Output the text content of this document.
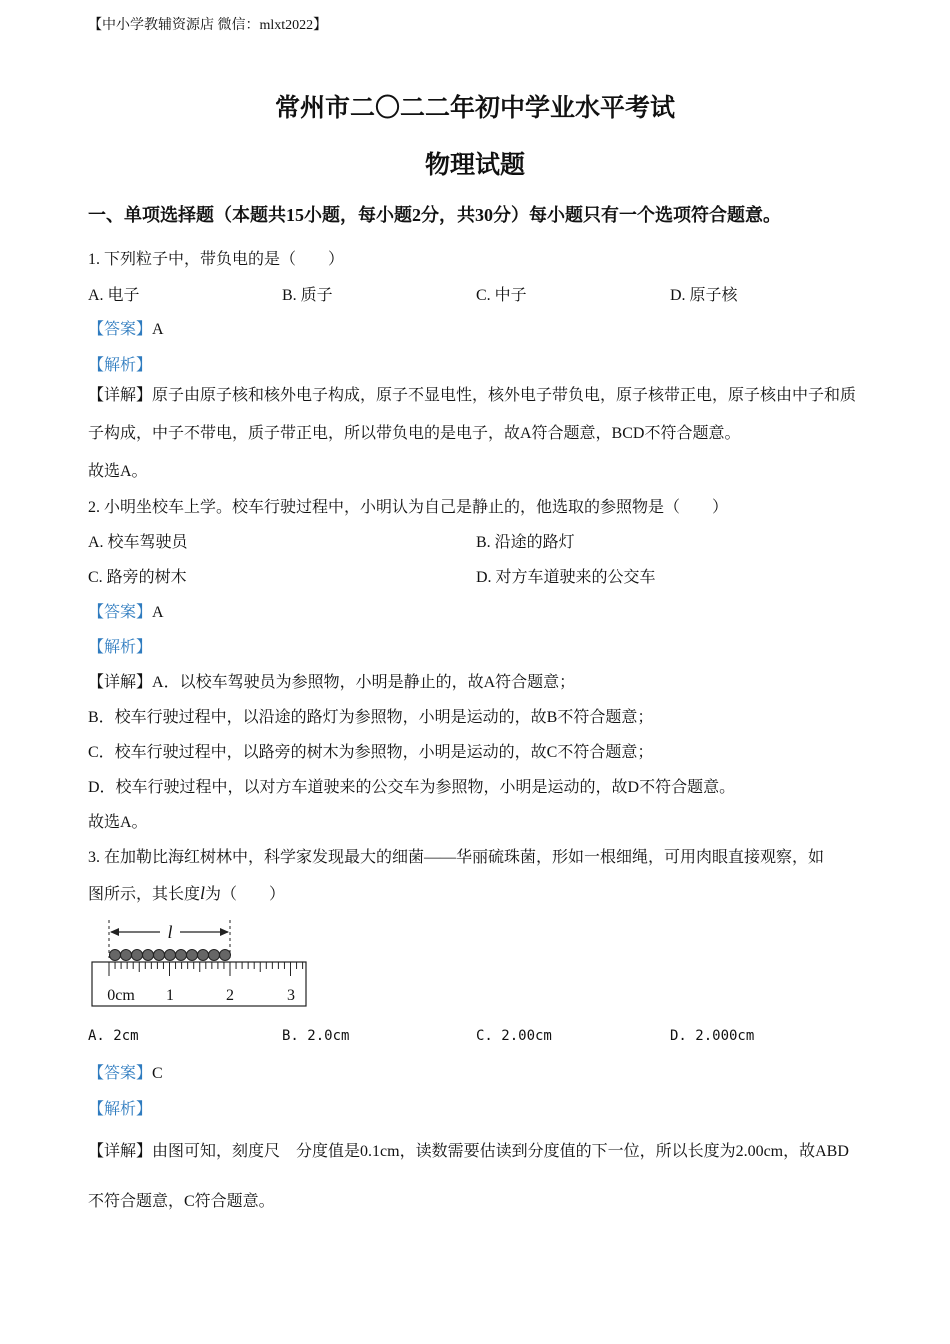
【中小学教辅资源店 微信：mlxt2022】
常州市二〇二二年初中学业水平考试
物理试题
一、单项选择题（本题共15小题，每小题2分，共30分）每小题只有一个选项符合题意。
1. 下列粒子中，带负电的是（　　）
A. 电子	B. 质子	C. 中子	D. 原子核
【答案】A
【解析】
【详解】原子由原子核和核外电子构成，原子不显电性，核外电子带负电，原子核带正电，原子核由中子和质子构成，中子不带电，质子带正电，所以带负电的是电子，故A符合题意，BCD不符合题意。
故选A。
2. 小明坐校车上学。校车行驶过程中，小明认为自己是静止的，他选取的参照物是（　　）
A. 校车驾驶员	B. 沿途的路灯
C. 路旁的树木	D. 对方车道驶来的公交车
【答案】A
【解析】
【详解】A．以校车驾驶员为参照物，小明是静止的，故A符合题意；
B．校车行驶过程中，以沿途的路灯为参照物，小明是运动的，故B不符合题意；
C．校车行驶过程中，以路旁的树木为参照物，小明是运动的，故C不符合题意；
D．校车行驶过程中，以对方车道驶来的公交车为参照物，小明是运动的，故D不符合题意。
故选A。
3. 在加勒比海红树林中，科学家发现最大的细菌——华丽硫珠菌，形如一根细绳，可用肉眼直接观察，如
图所示，其长度l为（　　）
l
0cm 1	2	3
A. 2cm	B. 2.0cm	C. 2.00cm	D. 2.000cm
【答案】C
【解析】
【详解】由图可知，刻度尺　分度值是0.1cm，读数需要估读到分度值的下一位，所以长度为2.00cm，故ABD不符合题意，C符合题意。
